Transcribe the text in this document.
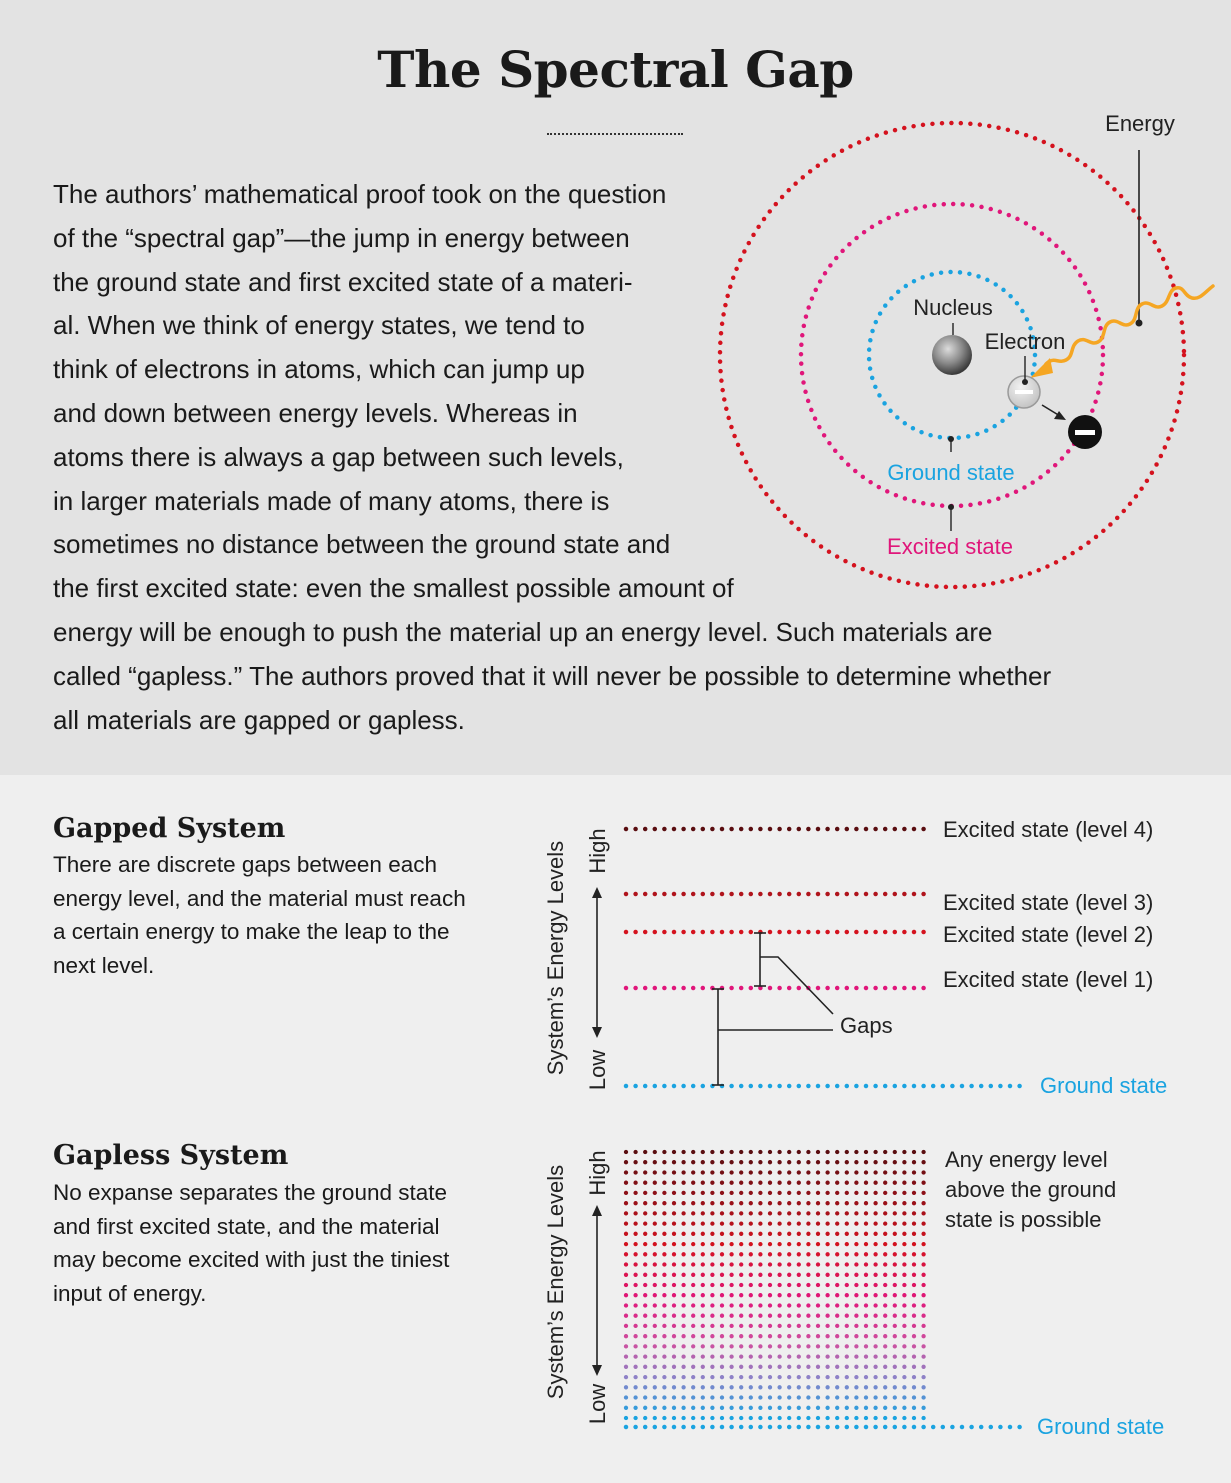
The Spectral Gap

The authors’ mathematical proof took on the question
of the “spectral gap”—the jump in energy between
the ground state and first excited state of a materi-
al. When we think of energy states, we tend to
think of electrons in atoms, which can jump up
and down between energy levels. Whereas in
atoms there is always a gap between such levels,
in larger materials made of many atoms, there is
sometimes no distance between the ground state and
the first excited state: even the smallest possible amount of
energy will be enough to push the material up an energy level. Such materials are
called “gapless.” The authors proved that it will never be possible to determine whether
all materials are gapped or gapless.

Energy
Nucleus
Electron
Ground state
Excited state
Gapped System

There are discrete gaps between each
energy level, and the material must reach
a certain energy to make the leap to the
next level.	System’s Energy Levels High
Low
Excited state (level 4)
Excited state (level 3)
Excited state (level 2)
Excited state (level 1)
Ground state
Gaps
Gapless System

No expanse separates the ground state
and first excited state, and the material
may become excited with just the tiniest
input of energy.	System’s Energy Levels High
Low
Ground state
Any energy level
above the ground
state is possible
